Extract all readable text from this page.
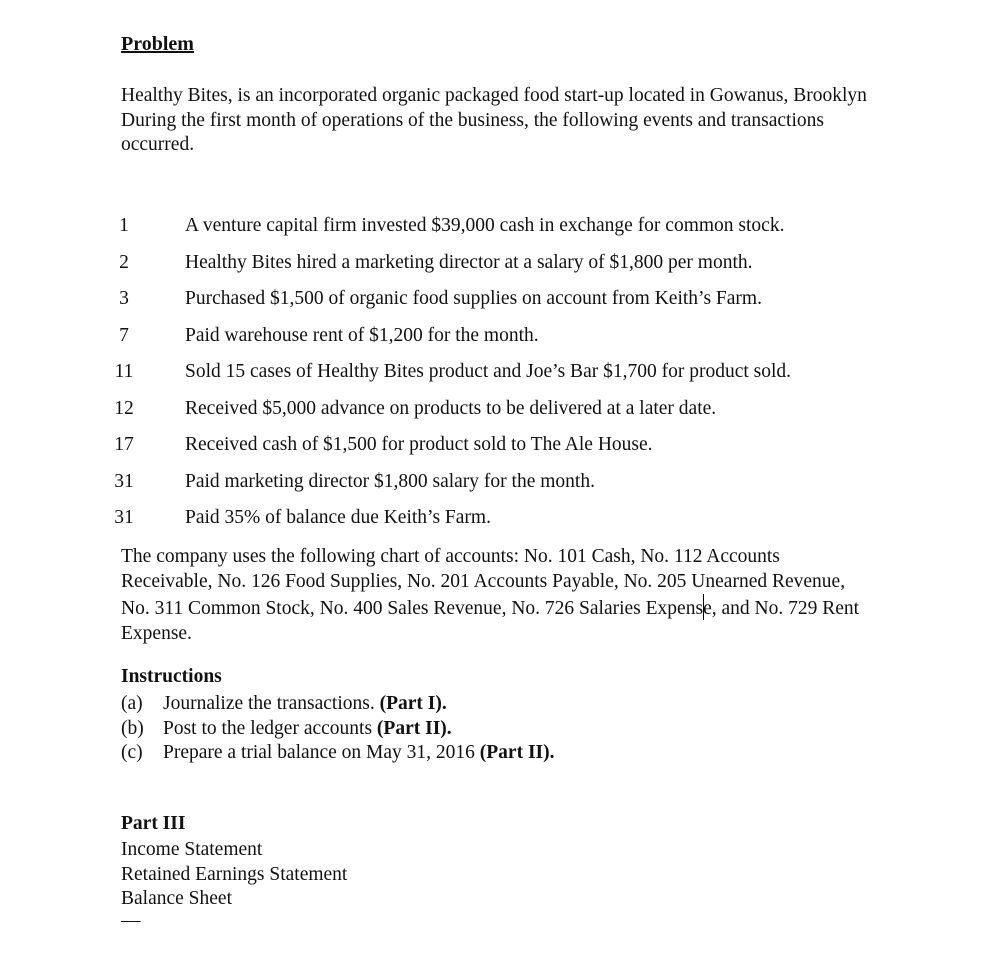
Problem
Healthy Bites, is an incorporated organic packaged food start-up located in Gowanus, Brooklyn During the first month of operations of the business, the following events and transactions occurred.
1	A venture capital firm invested $39,000 cash in exchange for common stock.
2	Healthy Bites hired a marketing director at a salary of $1,800 per month.
3	Purchased $1,500 of organic food supplies on account from Keith’s Farm.
7	Paid warehouse rent of $1,200 for the month.
11	Sold 15 cases of Healthy Bites product and Joe’s Bar $1,700 for product sold.
12	Received $5,000 advance on products to be delivered at a later date.
17	Received cash of $1,500 for product sold to The Ale House.
31	Paid marketing director $1,800 salary for the month.
31	Paid 35% of balance due Keith’s Farm.
The company uses the following chart of accounts: No. 101 Cash, No. 112 Accounts Receivable, No. 126 Food Supplies, No. 201 Accounts Payable, No. 205 Unearned Revenue, No. 311 Common Stock, No. 400 Sales Revenue, No. 726 Salaries Expense, and No. 729 Rent Expense.
Instructions
(a) Journalize the transactions. (Part I).
(b) Post to the ledger accounts (Part II).
(c) Prepare a trial balance on May 31, 2016 (Part II).
Part III
Income Statement
Retained Earnings Statement
Balance Sheet
—
